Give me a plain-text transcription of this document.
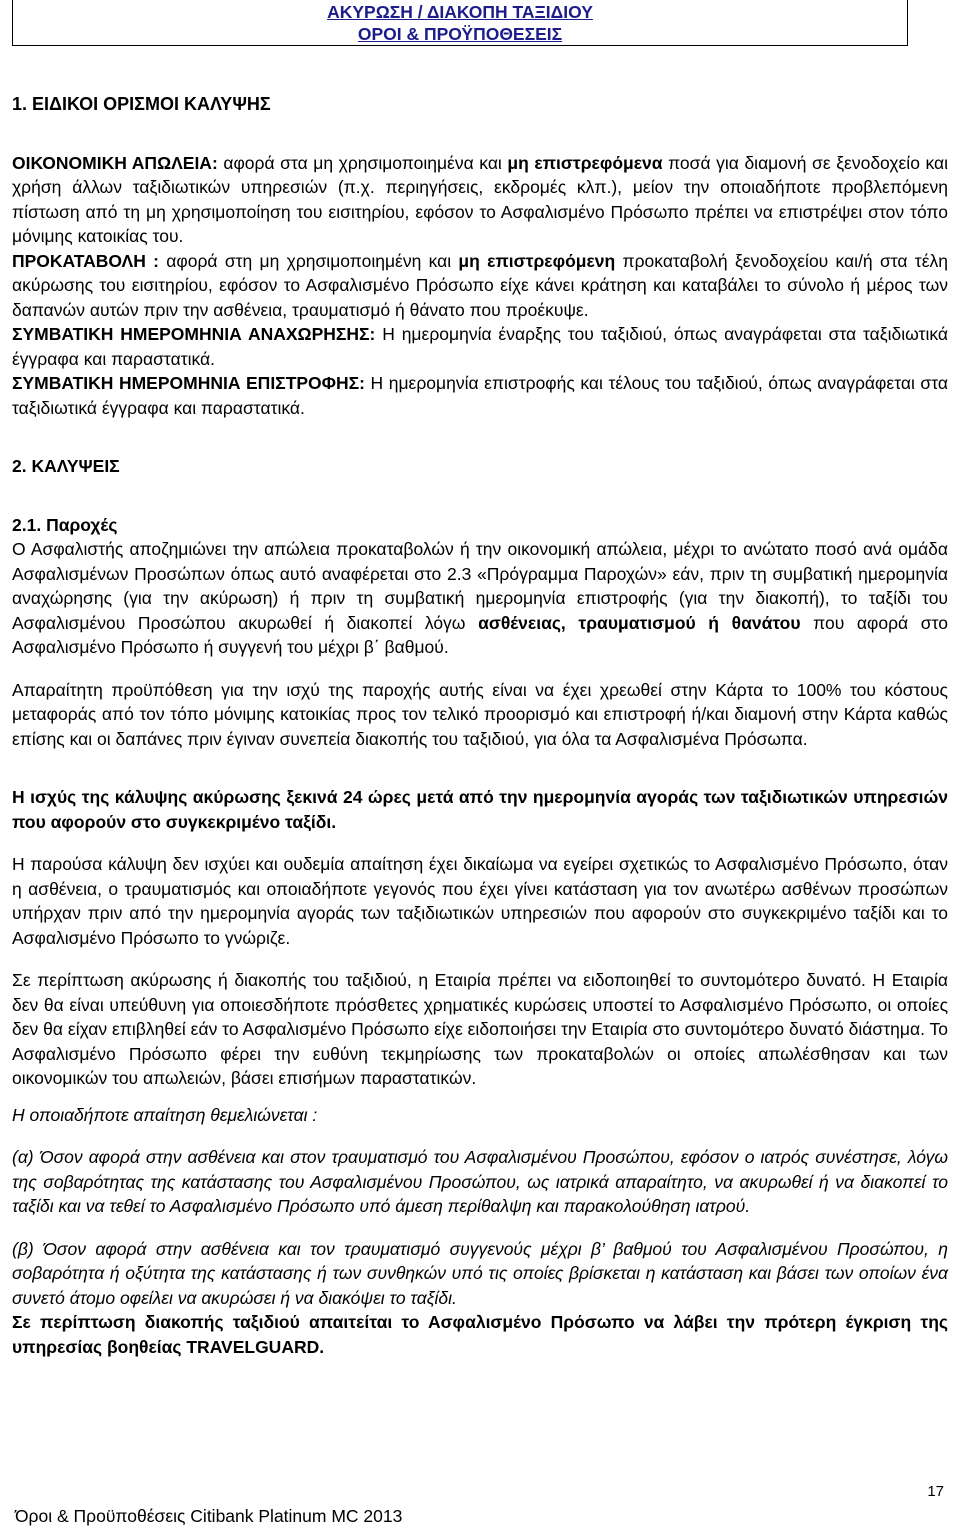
ΑΚΥΡΩΣΗ / ΔΙΑΚΟΠΗ ΤΑΞΙΔΙΟΥ
ΟΡΟΙ & ΠΡΟΫΠΟΘΕΣΕΙΣ

1. ΕΙΔΙΚΟΙ ΟΡΙΣΜΟΙ ΚΑΛΥΨΗΣ

ΟΙΚΟΝΟΜΙΚΗ ΑΠΩΛΕΙΑ: αφορά στα μη χρησιμοποιημένα και μη επιστρεφόμενα ποσά για διαμονή σε ξενοδοχείο και χρήση άλλων ταξιδιωτικών υπηρεσιών (π.χ. περιηγήσεις, εκδρομές κλπ.), μείον την οποιαδήποτε προβλεπόμενη πίστωση από τη μη χρησιμοποίηση του εισιτηρίου, εφόσον το Ασφαλισμένο Πρόσωπο πρέπει να επιστρέψει στον τόπο μόνιμης κατοικίας του.

ΠΡΟΚΑΤΑΒΟΛΗ : αφορά στη μη χρησιμοποιημένη και μη επιστρεφόμενη προκαταβολή ξενοδοχείου και/ή στα τέλη ακύρωσης του εισιτηρίου, εφόσον το Ασφαλισμένο Πρόσωπο είχε κάνει κράτηση και καταβάλει το σύνολο ή μέρος των δαπανών αυτών πριν την ασθένεια, τραυματισμό ή θάνατο που προέκυψε.

ΣΥΜΒΑΤΙΚΗ ΗΜΕΡΟΜΗΝΙΑ ΑΝΑΧΩΡΗΣΗΣ: Η ημερομηνία έναρξης του ταξιδιού, όπως αναγράφεται στα ταξιδιωτικά έγγραφα και παραστατικά.

ΣΥΜΒΑΤΙΚΗ ΗΜΕΡΟΜΗΝΙΑ ΕΠΙΣΤΡΟΦΗΣ: Η ημερομηνία επιστροφής και τέλους του ταξιδιού, όπως αναγράφεται στα ταξιδιωτικά έγγραφα και παραστατικά.

2. ΚΑΛΥΨΕΙΣ

2.1. Παροχές

Ο Ασφαλιστής αποζημιώνει την απώλεια προκαταβολών ή την οικονομική απώλεια, μέχρι το ανώτατο ποσό ανά ομάδα Ασφαλισμένων Προσώπων όπως αυτό αναφέρεται στο 2.3 «Πρόγραμμα Παροχών» εάν, πριν τη συμβατική ημερομηνία αναχώρησης (για την ακύρωση) ή πριν τη συμβατική ημερομηνία επιστροφής (για την διακοπή), το ταξίδι του Ασφαλισμένου Προσώπου ακυρωθεί ή διακοπεί λόγω ασθένειας, τραυματισμού ή θανάτου που αφορά στο Ασφαλισμένο Πρόσωπο ή συγγενή του μέχρι β΄ βαθμού.

Απαραίτητη προϋπόθεση για την ισχύ της παροχής αυτής είναι να έχει χρεωθεί στην Κάρτα το 100% του κόστους μεταφοράς από τον τόπο μόνιμης κατοικίας προς τον τελικό προορισμό και επιστροφή ή/και διαμονή στην Κάρτα καθώς επίσης και οι δαπάνες πριν έγιναν συνεπεία διακοπής του ταξιδιού, για όλα τα Ασφαλισμένα Πρόσωπα.

Η ισχύς της κάλυψης ακύρωσης ξεκινά 24 ώρες μετά από την ημερομηνία αγοράς των ταξιδιωτικών υπηρεσιών που αφορούν στο συγκεκριμένο ταξίδι.

Η παρούσα κάλυψη δεν ισχύει και ουδεμία απαίτηση έχει δικαίωμα να εγείρει σχετικώς το Ασφαλισμένο Πρόσωπο, όταν η ασθένεια, ο τραυματισμός και οποιαδήποτε γεγονός που έχει γίνει κατάσταση για τον ανωτέρω ασθένων προσώπων υπήρχαν πριν από την ημερομηνία αγοράς των ταξιδιωτικών υπηρεσιών που αφορούν στο συγκεκριμένο ταξίδι και το Ασφαλισμένο Πρόσωπο το γνώριζε.

Σε περίπτωση ακύρωσης ή διακοπής του ταξιδιού, η Εταιρία πρέπει να ειδοποιηθεί το συντομότερο δυνατό. Η Εταιρία δεν θα είναι υπεύθυνη για οποιεσδήποτε πρόσθετες χρηματικές κυρώσεις υποστεί το Ασφαλισμένο Πρόσωπο, οι οποίες δεν θα είχαν επιβληθεί εάν το Ασφαλισμένο Πρόσωπο είχε ειδοποιήσει την Εταιρία στο συντομότερο δυνατό διάστημα. Το Ασφαλισμένο Πρόσωπο φέρει την ευθύνη τεκμηρίωσης των προκαταβολών οι οποίες απωλέσθησαν και των οικονομικών του απωλειών, βάσει επισήμων παραστατικών.

Η οποιαδήποτε απαίτηση θεμελιώνεται :

(α) Όσον αφορά στην ασθένεια και στον τραυματισμό του Ασφαλισμένου Προσώπου, εφόσον ο ιατρός συνέστησε, λόγω της σοβαρότητας της κατάστασης του Ασφαλισμένου Προσώπου, ως ιατρικά απαραίτητο, να ακυρωθεί ή να διακοπεί το ταξίδι και να τεθεί το Ασφαλισμένο Πρόσωπο υπό άμεση περίθαλψη και παρακολούθηση ιατρού.

(β) Όσον αφορά στην ασθένεια και τον τραυματισμό συγγενούς μέχρι β’ βαθμού του Ασφαλισμένου Προσώπου, η σοβαρότητα ή οξύτητα της κατάστασης ή των συνθηκών υπό τις οποίες βρίσκεται η κατάσταση και βάσει των οποίων ένα συνετό άτομο οφείλει να ακυρώσει ή να διακόψει το ταξίδι.

Σε περίπτωση διακοπής ταξιδιού απαιτείται το Ασφαλισμένο Πρόσωπο να λάβει την πρότερη έγκριση της υπηρεσίας βοηθείας TRAVELGUARD.

17
Όροι & Προϋποθέσεις Citibank Platinum MC 2013
